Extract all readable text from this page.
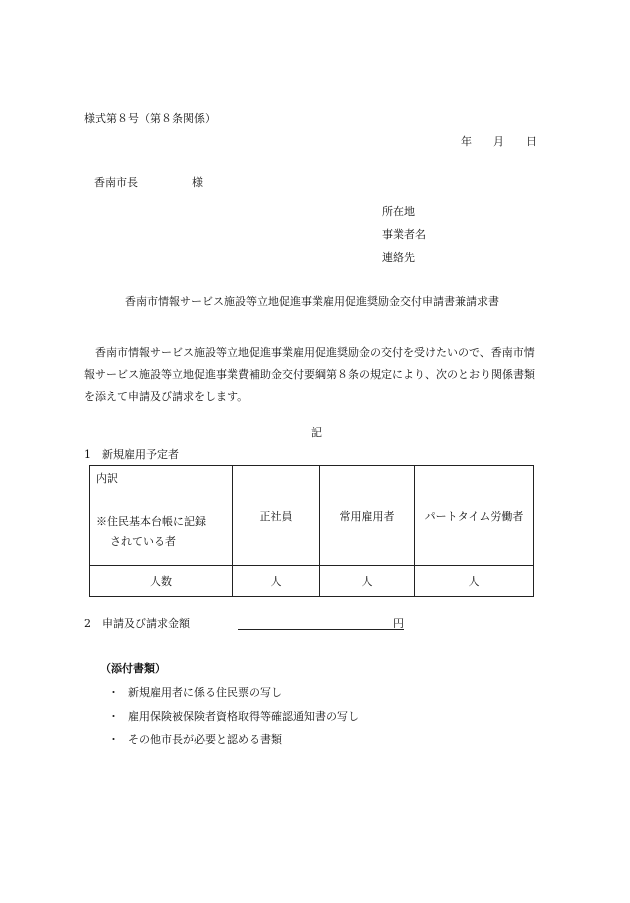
様式第８号（第８条関係）
年 月 日
香南市長	様
所在地
事業者名
連絡先
香南市情報サービス施設等立地促進事業雇用促進奨励金交付申請書兼請求書
香南市情報サービス施設等立地促進事業雇用促進奨励金の交付を受けたいので、香南市情
報サービス施設等立地促進事業費補助金交付要綱第８条の規定により、次のとおり関係書類
を添えて申請及び請求をします。
記
1　新規雇用予定者
内訳
※住民基本台帳に記録
されている者	正社員	常用雇用者	パートタイム労働者
人数	人	人	人
2　申請及び請求金額	円
（添付書類）
・ 新規雇用者に係る住民票の写し
・ 雇用保険被保険者資格取得等確認通知書の写し
・ その他市長が必要と認める書類
